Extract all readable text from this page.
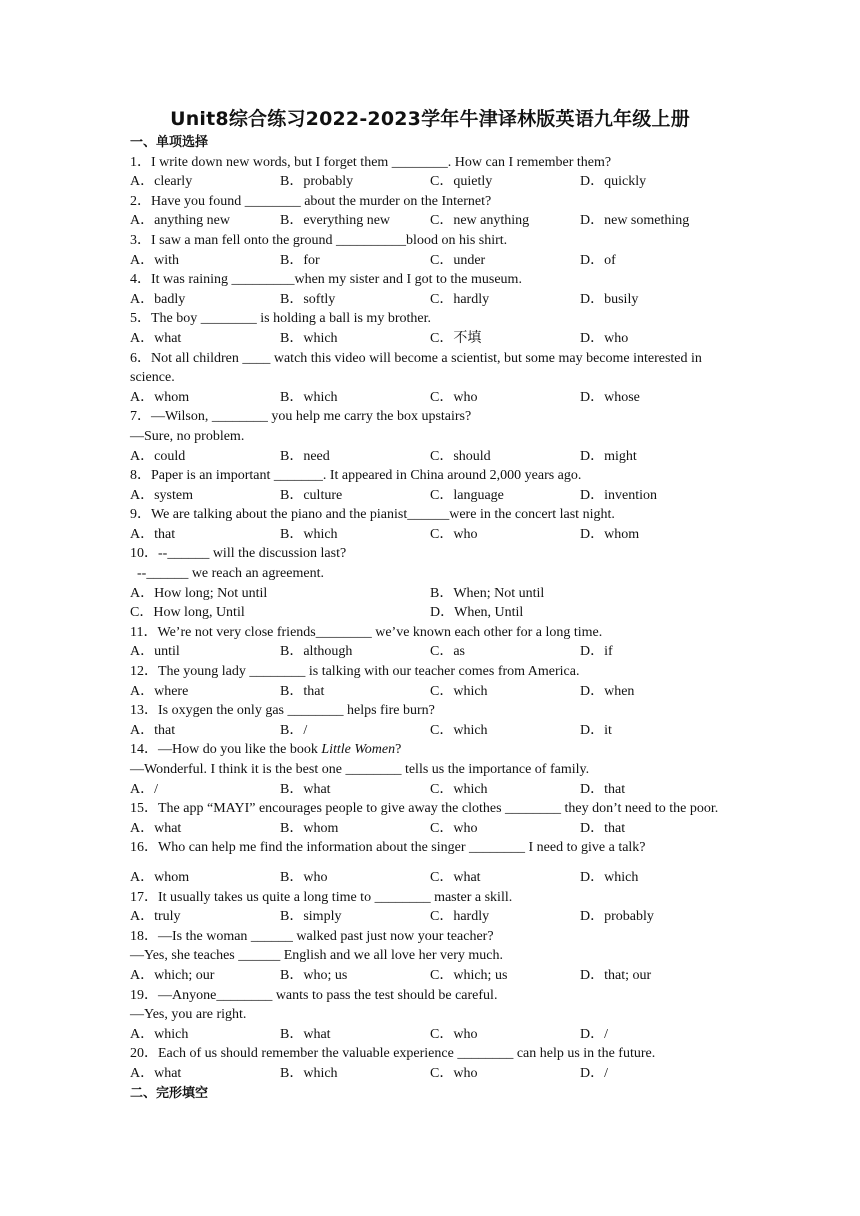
Unit8综合练习2022-2023学年牛津译林版英语九年级上册
一、单项选择
1．I write down new words, but I forget them ________. How can I remember them?
A．clearly	B．probably	C．quietly	D．quickly
2．Have you found ________ about the murder on the Internet?
A．anything new	B．everything new	C．new anything	D．new something
3．I saw a man fell onto the ground __________blood on his shirt.
A．with	B．for	C．under	D．of
4．It was raining _________when my sister and I got to the museum.
A．badly	B．softly	C．hardly	D．busily
5．The boy ________ is holding a ball is my brother.
A．what	B．which	C．不填	D．who
6．Not all children ____ watch this video will become a scientist, but some may become interested in science.
A．whom	B．which	C．who	D．whose
7．—Wilson, ________ you help me carry the box upstairs?
—Sure, no problem.
A．could	B．need	C．should	D．might
8．Paper is an important _______. It appeared in China around 2,000 years ago.
A．system	B．culture	C．language	D．invention
9．We are talking about the piano and the pianist______were in the concert last night.
A．that	B．which	C．who	D．whom
10．--______ will the discussion last?
--______ we reach an agreement.
A．How long; Not until	B．When; Not until
C．How long, Until	D．When, Until
11．We’re not very close friends________ we’ve known each other for a long time.
A．until	B．although	C．as	D．if
12．The young lady ________ is talking with our teacher comes from America.
A．where	B．that	C．which	D．when
13．Is oxygen the only gas ________ helps fire burn?
A．that	B．/	C．which	D．it
14．—How do you like the book Little Women?
—Wonderful. I think it is the best one ________ tells us the importance of family.
A．/	B．what	C．which	D．that
15．The app “MAYI” encourages people to give away the clothes ________ they don’t need to the poor.
A．what	B．whom	C．who	D．that
16．Who can help me find the information about the singer ________ I need to give a talk?
A．whom	B．who	C．what	D．which
17．It usually takes us quite a long time to ________ master a skill.
A．truly	B．simply	C．hardly	D．probably
18．—Is the woman ______ walked past just now your teacher?
—Yes, she teaches ______ English and we all love her very much.
A．which; our	B．who; us	C．which; us	D．that; our
19．—Anyone________ wants to pass the test should be careful.
—Yes, you are right.
A．which	B．what	C．who	D．/
20．Each of us should remember the valuable experience ________ can help us in the future.
A．what	B．which	C．who	D．/
二、完形填空
